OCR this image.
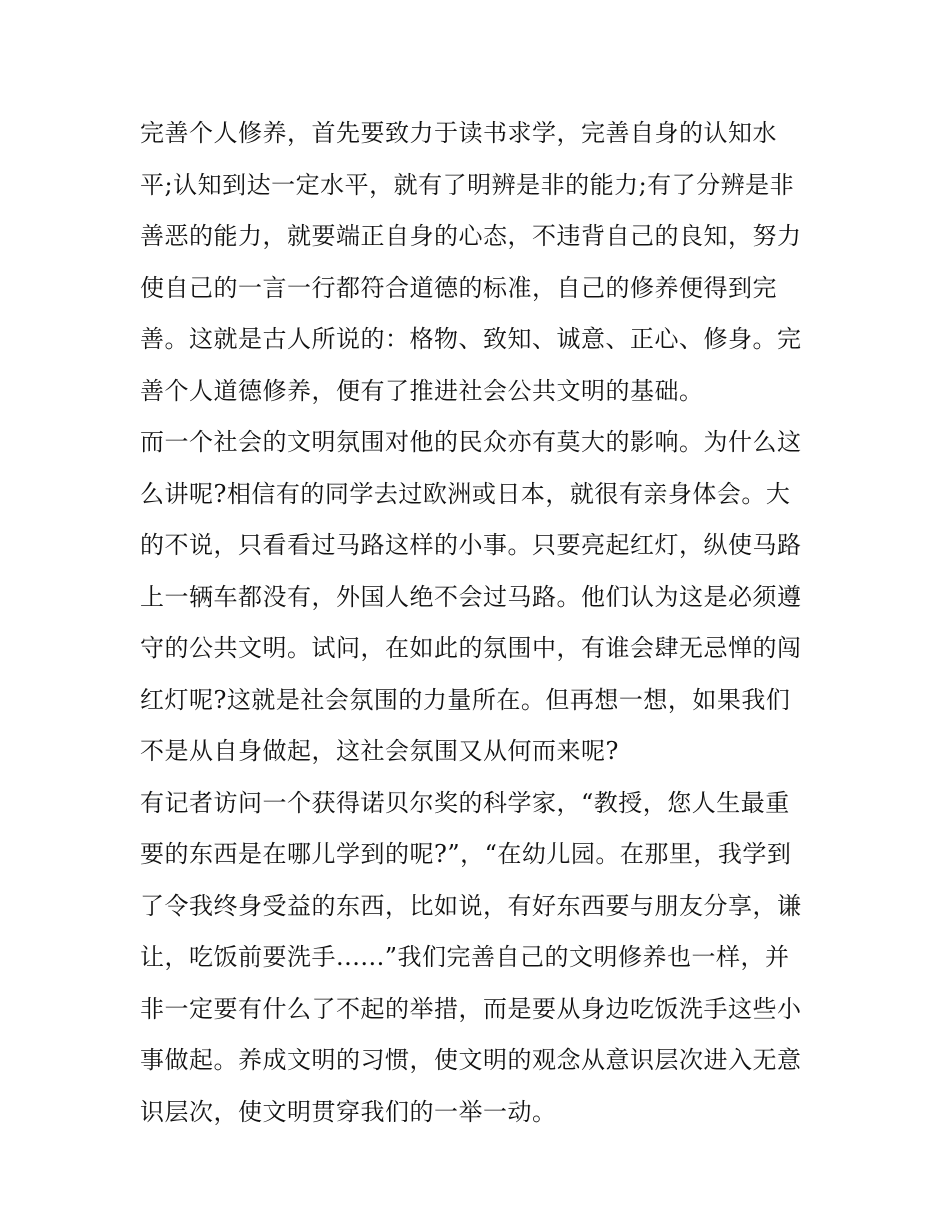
完善个人修养，首先要致力于读书求学，完善自身的认知水
平;认知到达一定水平，就有了明辨是非的能力;有了分辨是非
善恶的能力，就要端正自身的心态，不违背自己的良知，努力
使自己的一言一行都符合道德的标准，自己的修养便得到完
善。这就是古人所说的：格物、致知、诚意、正心、修身。完
善个人道德修养，便有了推进社会公共文明的基础。
而一个社会的文明氛围对他的民众亦有莫大的影响。为什么这
么讲呢?相信有的同学去过欧洲或日本，就很有亲身体会。大
的不说，只看看过马路这样的小事。只要亮起红灯，纵使马路
上一辆车都没有，外国人绝不会过马路。他们认为这是必须遵
守的公共文明。试问，在如此的氛围中，有谁会肆无忌惮的闯
红灯呢?这就是社会氛围的力量所在。但再想一想，如果我们
不是从自身做起，这社会氛围又从何而来呢?
有记者访问一个获得诺贝尔奖的科学家，“教授，您人生最重
要的东西是在哪儿学到的呢?”，“在幼儿园。在那里，我学到
了令我终身受益的东西，比如说，有好东西要与朋友分享，谦
让，吃饭前要洗手......”我们完善自己的文明修养也一样，并
非一定要有什么了不起的举措，而是要从身边吃饭洗手这些小
事做起。养成文明的习惯，使文明的观念从意识层次进入无意
识层次，使文明贯穿我们的一举一动。
